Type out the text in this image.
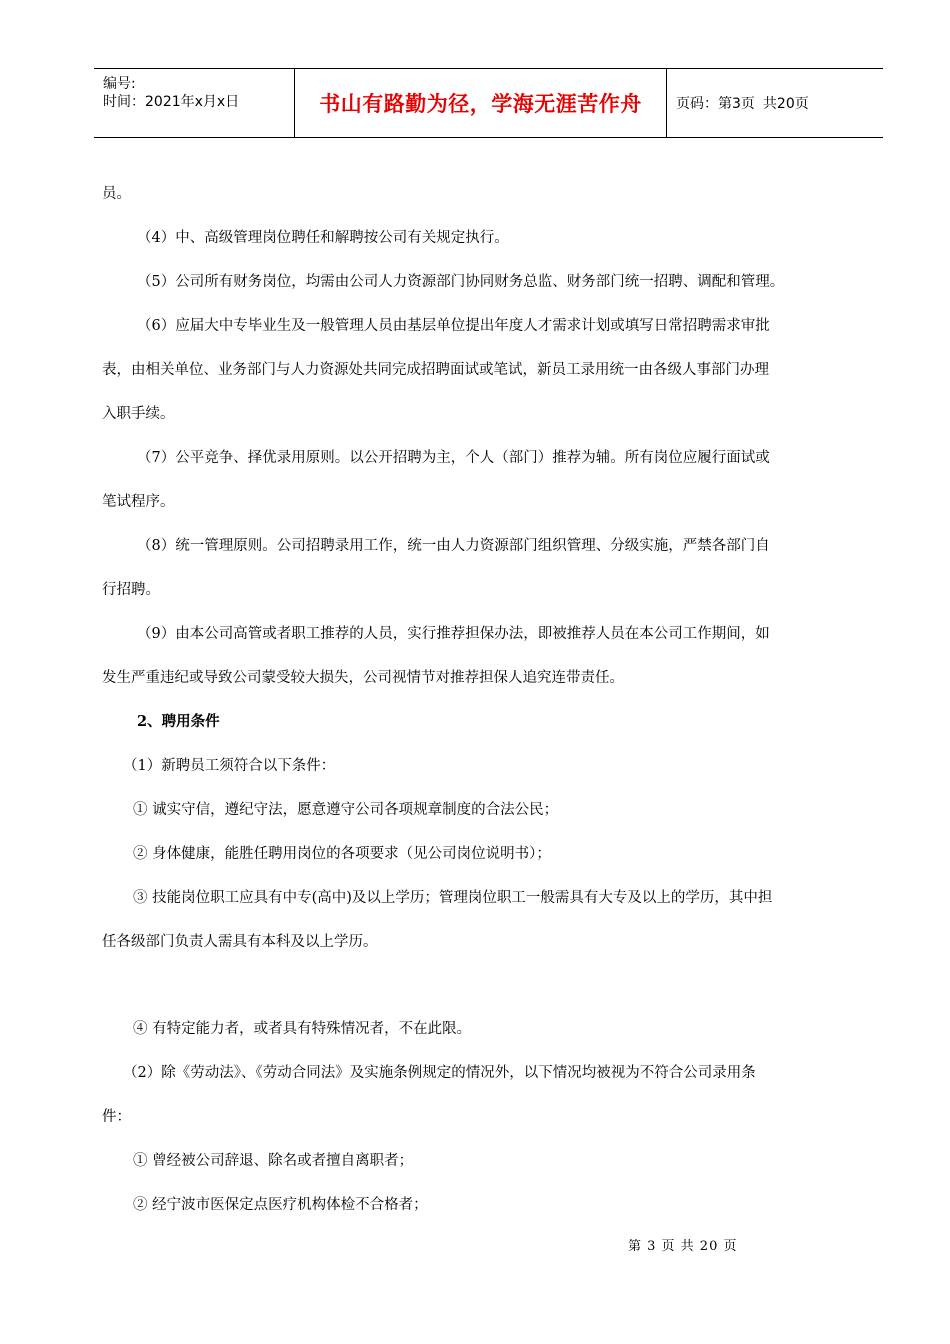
编号:
时间：2021年x月x日	书山有路勤为径，学海无涯苦作舟	页码：第3页 共20页
员。
（4）中、高级管理岗位聘任和解聘按公司有关规定执行。
（5）公司所有财务岗位，均需由公司人力资源部门协同财务总监、财务部门统一招聘、调配和管理。
（6）应届大中专毕业生及一般管理人员由基层单位提出年度人才需求计划或填写日常招聘需求审批
表，由相关单位、业务部门与人力资源处共同完成招聘面试或笔试，新员工录用统一由各级人事部门办理
入职手续。
（7）公平竞争、择优录用原则。以公开招聘为主，个人（部门）推荐为辅。所有岗位应履行面试或
笔试程序。
（8）统一管理原则。公司招聘录用工作，统一由人力资源部门组织管理、分级实施，严禁各部门自
行招聘。
（9）由本公司高管或者职工推荐的人员，实行推荐担保办法，即被推荐人员在本公司工作期间，如
发生严重违纪或导致公司蒙受较大损失，公司视情节对推荐担保人追究连带责任。
2、聘用条件
（1）新聘员工须符合以下条件：
① 诚实守信，遵纪守法，愿意遵守公司各项规章制度的合法公民；
② 身体健康，能胜任聘用岗位的各项要求（见公司岗位说明书）；
③ 技能岗位职工应具有中专(高中)及以上学历；管理岗位职工一般需具有大专及以上的学历，其中担
任各级部门负责人需具有本科及以上学历。
④ 有特定能力者，或者具有特殊情况者，不在此限。
（2）除《劳动法》、《劳动合同法》及实施条例规定的情况外，以下情况均被视为不符合公司录用条
件：
① 曾经被公司辞退、除名或者擅自离职者；
② 经宁波市医保定点医疗机构体检不合格者；
第 3 页 共 20 页
